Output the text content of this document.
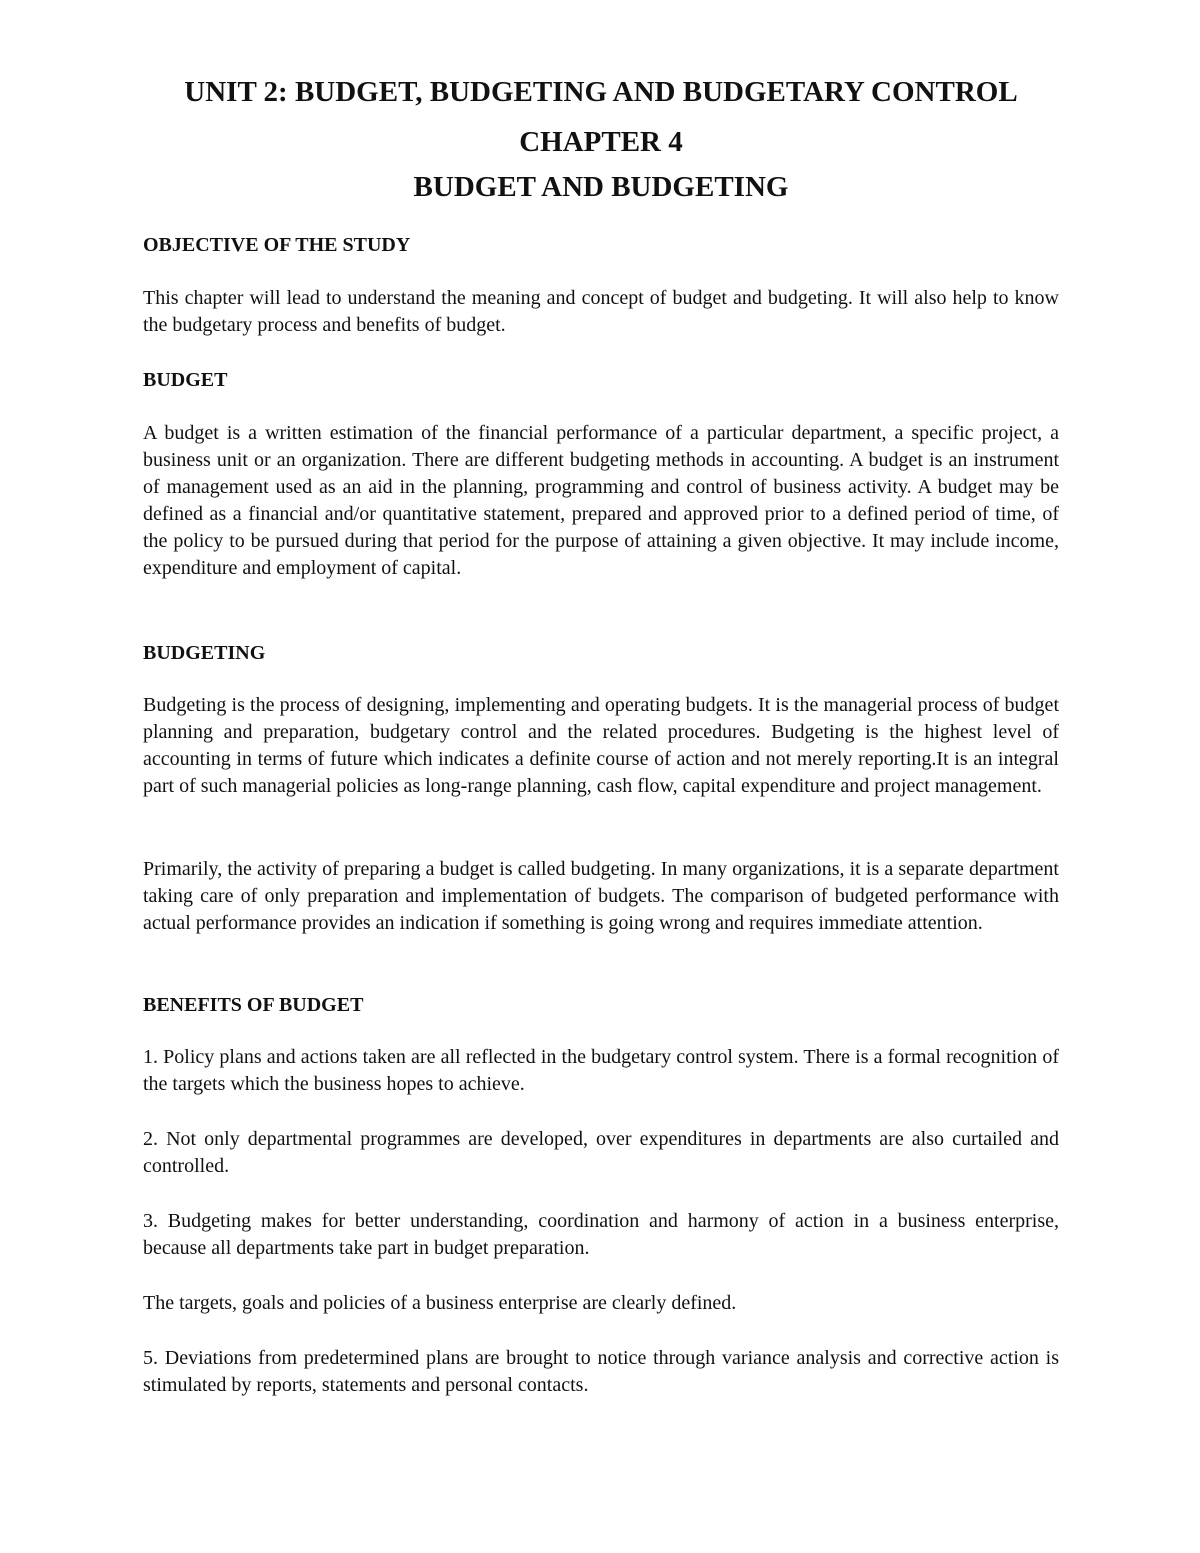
UNIT 2: BUDGET, BUDGETING AND BUDGETARY CONTROL
CHAPTER 4
BUDGET AND BUDGETING
OBJECTIVE OF THE STUDY
This chapter will lead to understand the meaning and concept of budget and budgeting. It will also help to know the budgetary process and benefits of budget.
BUDGET
A budget is a written estimation of the financial performance of a particular department, a specific project, a business unit or an organization. There are different budgeting methods in accounting. A budget is an instrument of management used as an aid in the planning, programming and control of business activity. A budget may be defined as a financial and/or quantitative statement, prepared and approved prior to a defined period of time, of the policy to be pursued during that period for the purpose of attaining a given objective. It may include income, expenditure and employment of capital.
BUDGETING
Budgeting is the process of designing, implementing and operating budgets. It is the managerial process of budget planning and preparation, budgetary control and the related procedures. Budgeting is the highest level of accounting in terms of future which indicates a definite course of action and not merely reporting.It is an integral part of such managerial policies as long-range planning, cash flow, capital expenditure and project management.
Primarily, the activity of preparing a budget is called budgeting. In many organizations, it is a separate department taking care of only preparation and implementation of budgets. The comparison of budgeted performance with actual performance provides an indication if something is going wrong and requires immediate attention.
BENEFITS OF BUDGET
1. Policy plans and actions taken are all reflected in the budgetary control system. There is a formal recognition of the targets which the business hopes to achieve.
2. Not only departmental programmes are developed, over expenditures in departments are also curtailed and controlled.
3. Budgeting makes for better understanding, coordination and harmony of action in a business enterprise, because all departments take part in budget preparation.
The targets, goals and policies of a business enterprise are clearly defined.
5. Deviations from predetermined plans are brought to notice through variance analysis and corrective action is stimulated by reports, statements and personal contacts.
